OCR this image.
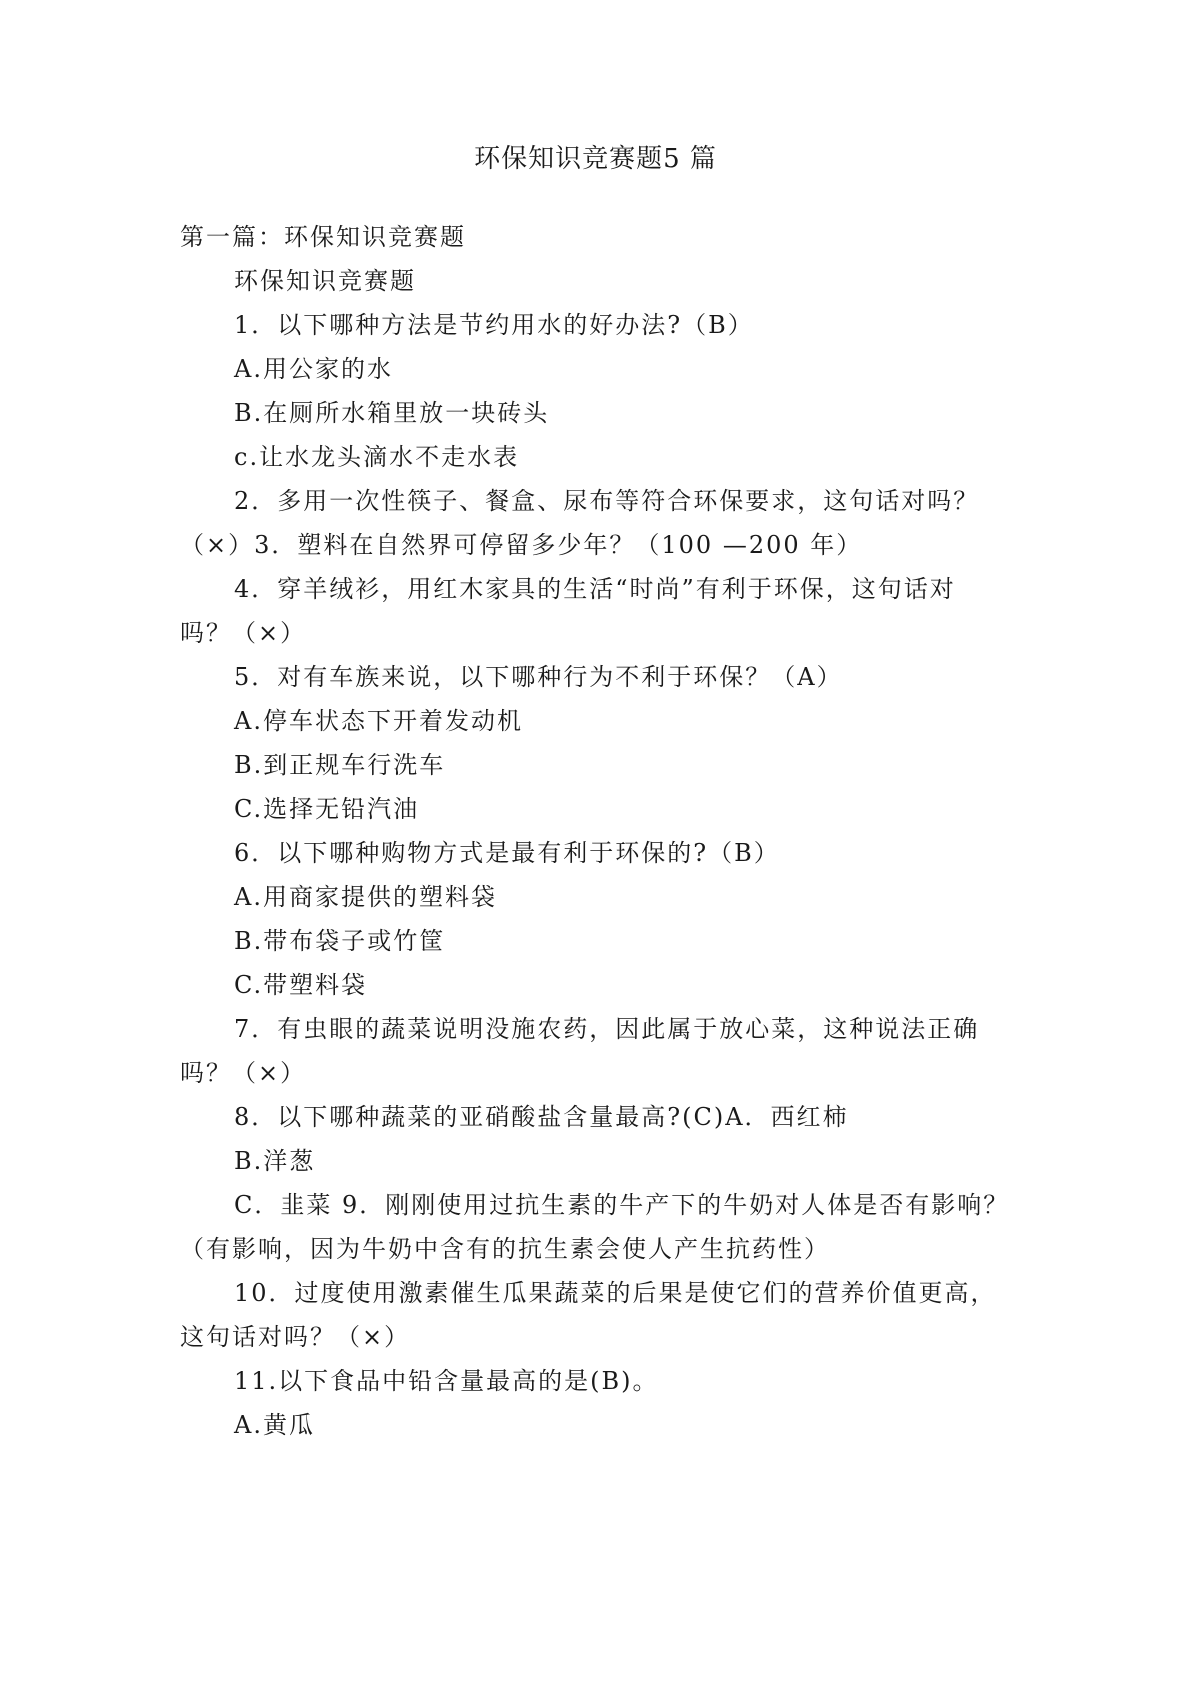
环保知识竞赛题5 篇
第一篇：环保知识竞赛题
环保知识竞赛题
1．以下哪种方法是节约用水的好办法?（B）
A.用公家的水
B.在厕所水箱里放一块砖头
c.让水龙头滴水不走水表
2．多用一次性筷子、餐盒、尿布等符合环保要求，这句话对吗？
（×）3．塑料在自然界可停留多少年？（100 —200 年）
4．穿羊绒衫，用红木家具的生活“时尚”有利于环保，这句话对
吗？（×）
5．对有车族来说，以下哪种行为不利于环保？（A）
A.停车状态下开着发动机
B.到正规车行洗车
C.选择无铅汽油
6．以下哪种购物方式是最有利于环保的?（B）
A.用商家提供的塑料袋
B.带布袋子或竹筐
C.带塑料袋
7．有虫眼的蔬菜说明没施农药，因此属于放心菜，这种说法正确
吗？（×）
8．以下哪种蔬菜的亚硝酸盐含量最高?(C)A．西红柿
B.洋葱
C．韭菜 9．刚刚使用过抗生素的牛产下的牛奶对人体是否有影响？
（有影响，因为牛奶中含有的抗生素会使人产生抗药性）
10．过度使用激素催生瓜果蔬菜的后果是使它们的营养价值更高，
这句话对吗？（×）
11.以下食品中铅含量最高的是(B)。
A.黄瓜
